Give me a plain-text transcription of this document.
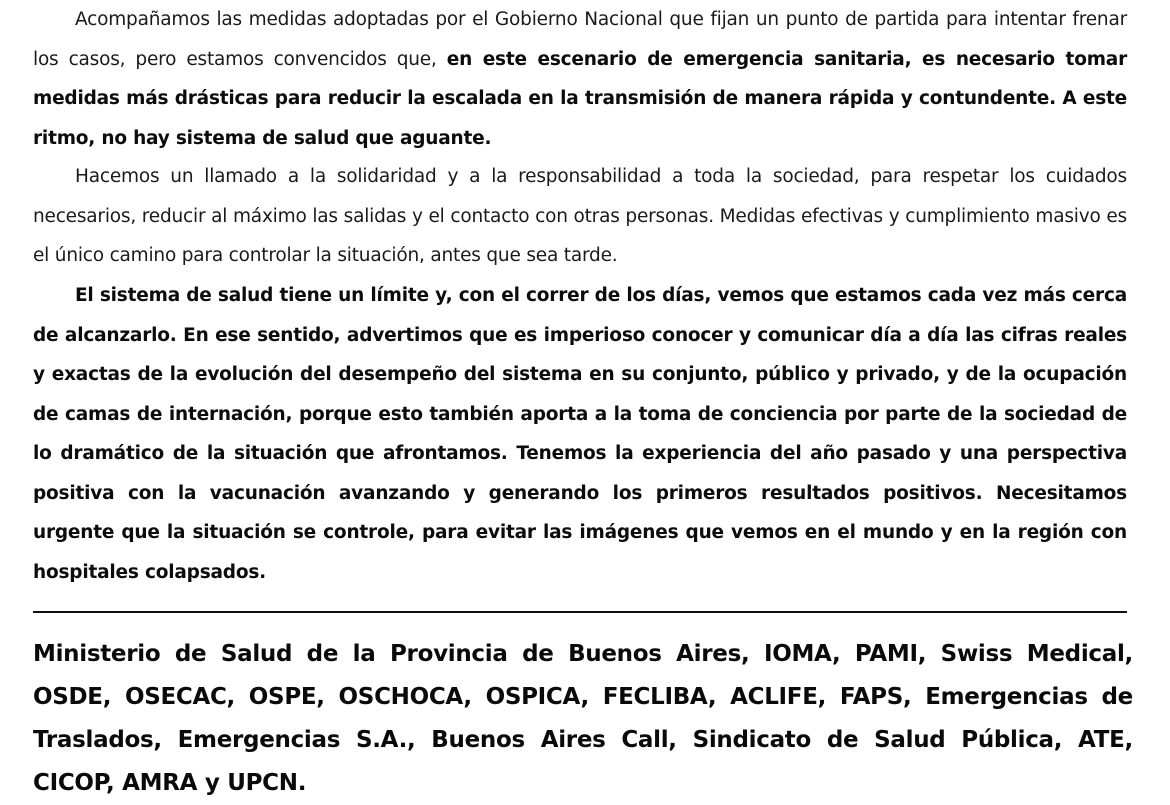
Acompañamos las medidas adoptadas por el Gobierno Nacional que fijan un punto de partida para intentar frenar los casos, pero estamos convencidos que, en este escenario de emergencia sanitaria, es necesario tomar medidas más drásticas para reducir la escalada en la transmisión de manera rápida y contundente. A este ritmo, no hay sistema de salud que aguante.

Hacemos un llamado a la solidaridad y a la responsabilidad a toda la sociedad, para respetar los cuidados necesarios, reducir al máximo las salidas y el contacto con otras personas. Medidas efectivas y cumplimiento masivo es el único camino para controlar la situación, antes que sea tarde.

El sistema de salud tiene un límite y, con el correr de los días, vemos que estamos cada vez más cerca de alcanzarlo. En ese sentido, advertimos que es imperioso conocer y comunicar día a día las cifras reales y exactas de la evolución del desempeño del sistema en su conjunto, público y privado, y de la ocupación de camas de internación, porque esto también aporta a la toma de conciencia por parte de la sociedad de lo dramático de la situación que afrontamos. Tenemos la experiencia del año pasado y una perspectiva positiva con la vacunación avanzando y generando los primeros resultados positivos. Necesitamos urgente que la situación se controle, para evitar las imágenes que vemos en el mundo y en la región con hospitales colapsados.

Ministerio de Salud de la Provincia de Buenos Aires, IOMA, PAMI, Swiss Medical, OSDE, OSECAC, OSPE, OSCHOCA, OSPICA, FECLIBA, ACLIFE, FAPS, Emergencias de Traslados, Emergencias S.A., Buenos Aires Call, Sindicato de Salud Pública, ATE, CICOP, AMRA y UPCN.
